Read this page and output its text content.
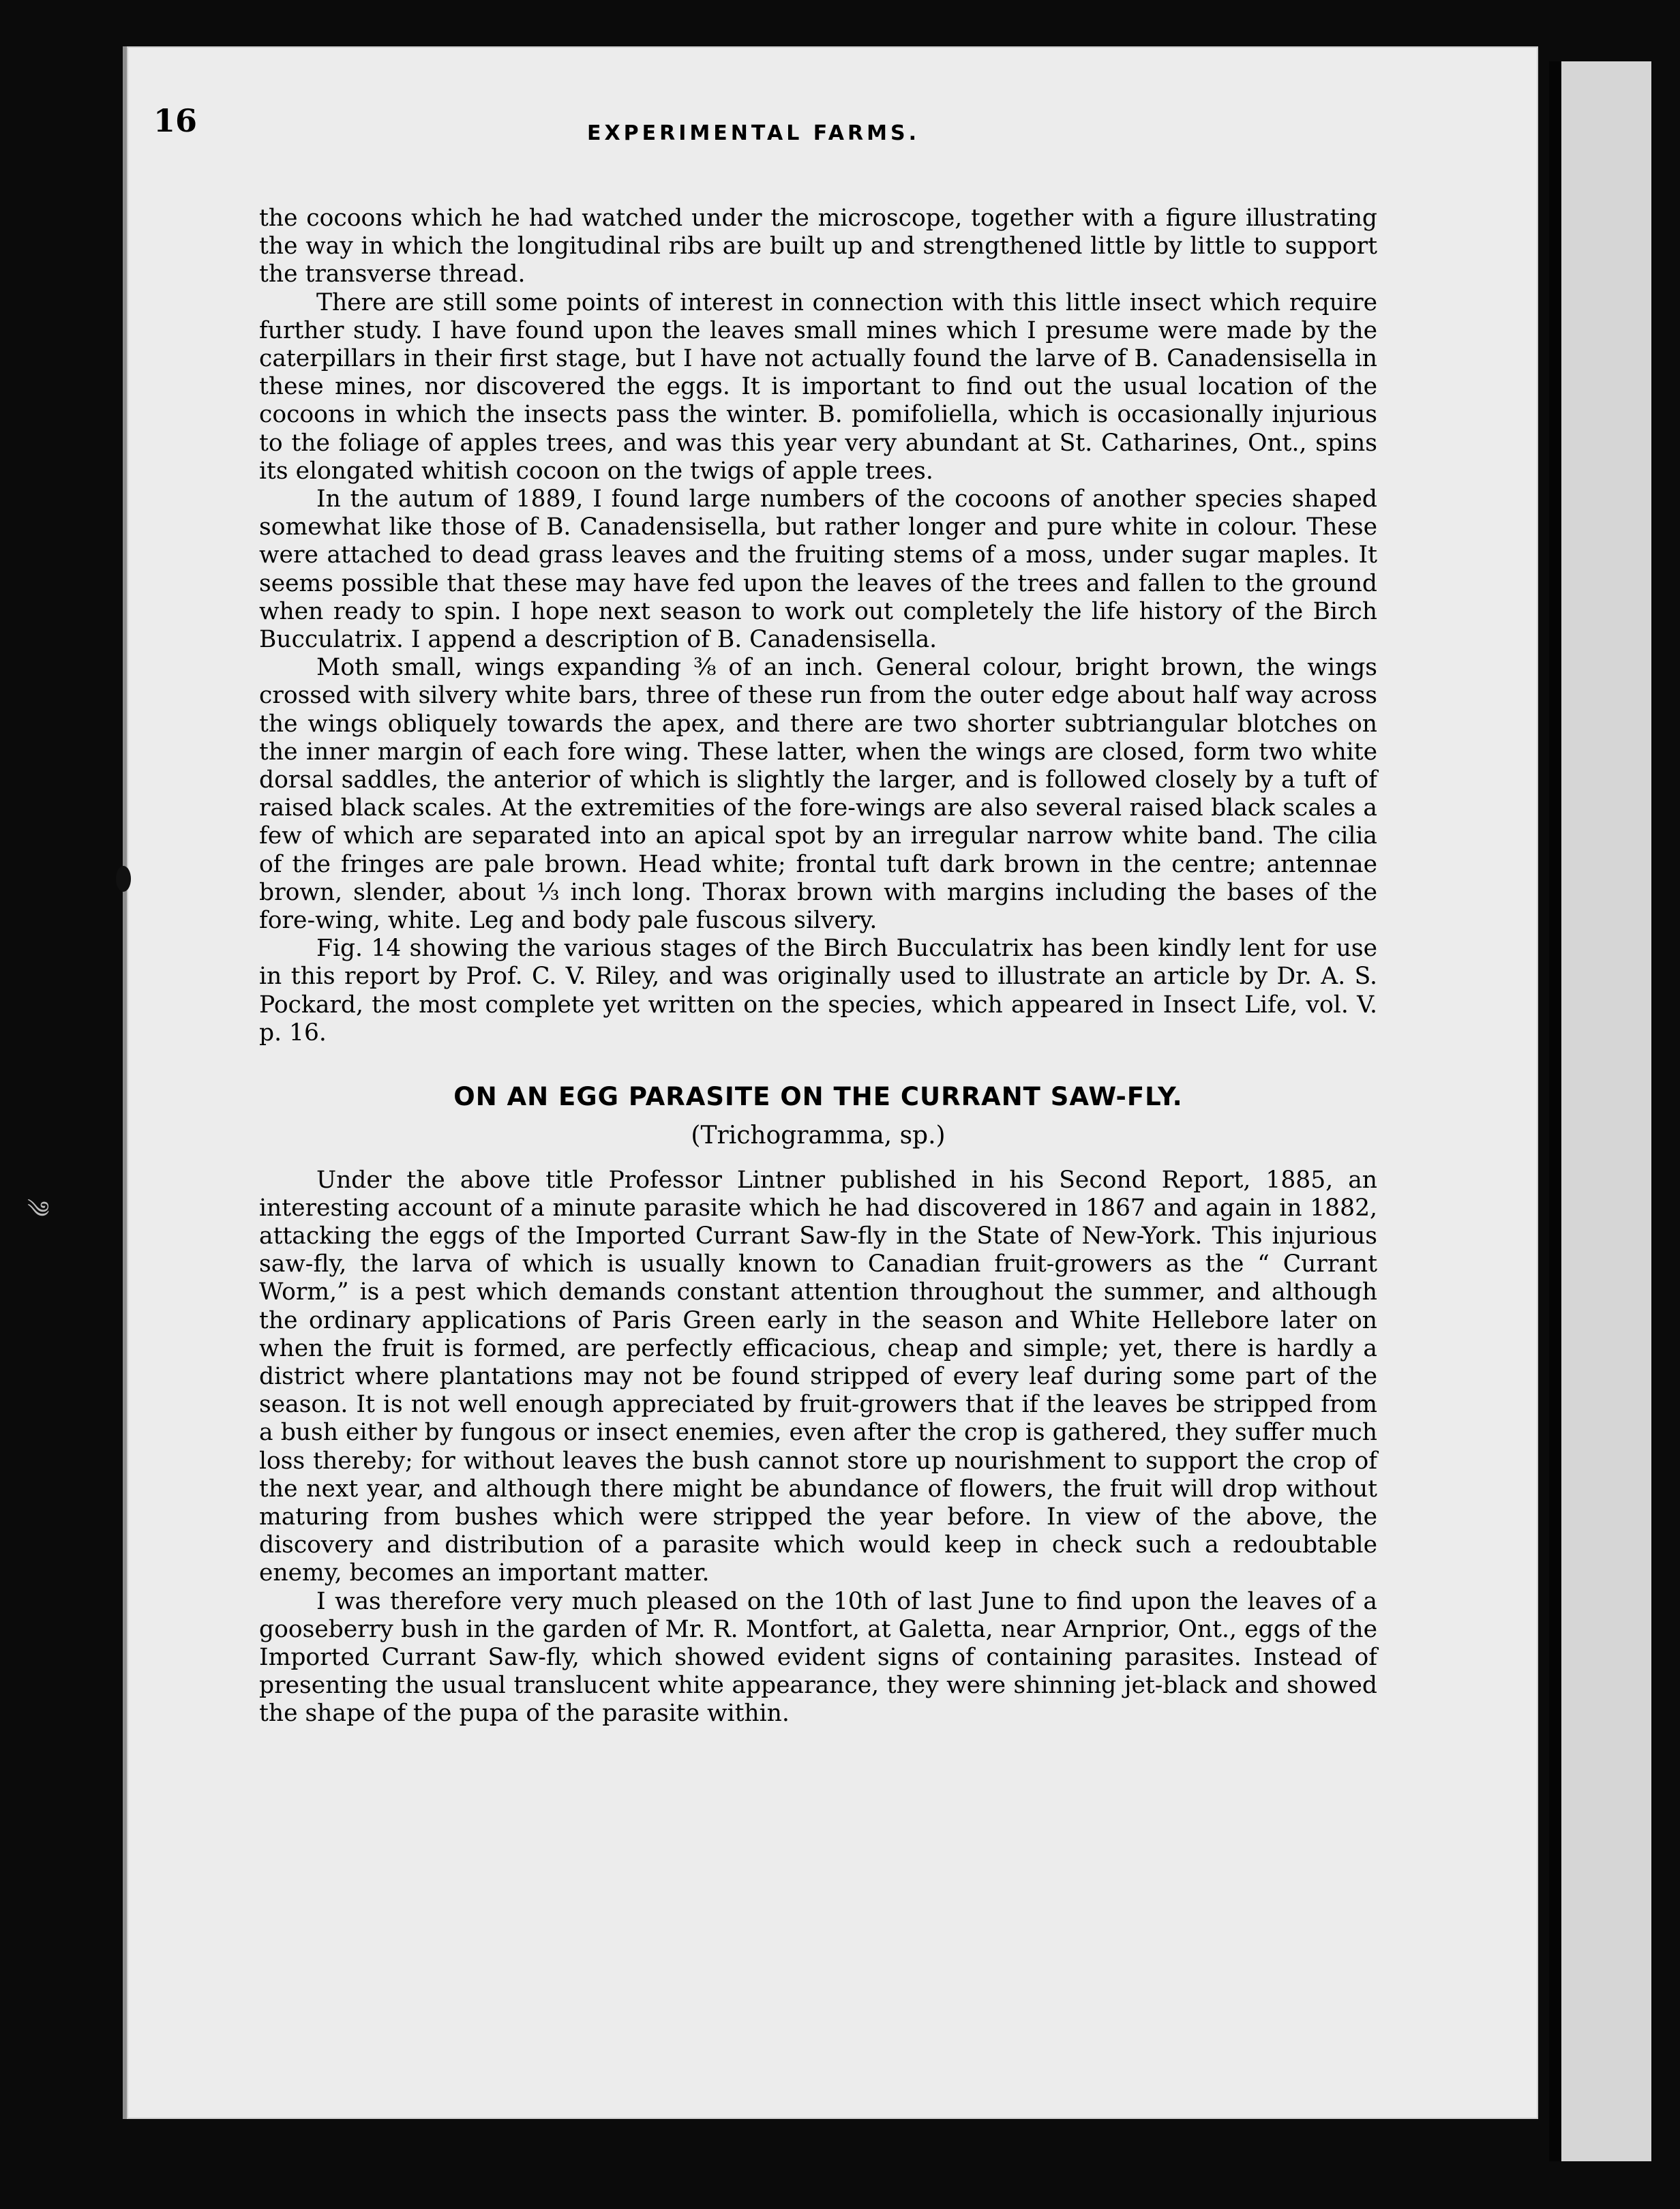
༄
16	EXPERIMENTAL FARMS.

the cocoons which he had watched under the microscope, together with a figure illustrating the way in which the longitudinal ribs are built up and strengthened little by little to support the transverse thread.

There are still some points of interest in connection with this little insect which require further study. I have found upon the leaves small mines which I presume were made by the caterpillars in their first stage, but I have not actually found the larve of B. Canadensisella in these mines, nor discovered the eggs. It is important to find out the usual location of the cocoons in which the insects pass the winter. B. pomifoliella, which is occasionally injurious to the foliage of apples trees, and was this year very abundant at St. Catharines, Ont., spins its elongated whitish cocoon on the twigs of apple trees.

In the autum of 1889, I found large numbers of the cocoons of another species shaped somewhat like those of B. Canadensisella, but rather longer and pure white in colour. These were attached to dead grass leaves and the fruiting stems of a moss, under sugar maples. It seems possible that these may have fed upon the leaves of the trees and fallen to the ground when ready to spin. I hope next season to work out completely the life history of the Birch Bucculatrix. I append a description of B. Canadensisella.

Moth small, wings expanding ⅜ of an inch. General colour, bright brown, the wings crossed with silvery white bars, three of these run from the outer edge about half way across the wings obliquely towards the apex, and there are two shorter subtriangular blotches on the inner margin of each fore wing. These latter, when the wings are closed, form two white dorsal saddles, the anterior of which is slightly the larger, and is followed closely by a tuft of raised black scales. At the extremities of the fore-wings are also several raised black scales a few of which are separated into an apical spot by an irregular narrow white band. The cilia of the fringes are pale brown. Head white; frontal tuft dark brown in the centre; antennae brown, slender, about ⅓ inch long. Thorax brown with margins including the bases of the fore-wing, white. Leg and body pale fuscous silvery.

Fig. 14 showing the various stages of the Birch Bucculatrix has been kindly lent for use in this report by Prof. C. V. Riley, and was originally used to illustrate an article by Dr. A. S. Pockard, the most complete yet written on the species, which appeared in Insect Life, vol. V. p. 16.

ON AN EGG PARASITE ON THE CURRANT SAW-FLY.
(Trichogramma, sp.)

Under the above title Professor Lintner published in his Second Report, 1885, an interesting account of a minute parasite which he had discovered in 1867 and again in 1882, attacking the eggs of the Imported Currant Saw-fly in the State of New-York. This injurious saw-fly, the larva of which is usually known to Canadian fruit-growers as the “ Currant Worm,” is a pest which demands constant attention throughout the summer, and although the ordinary applications of Paris Green early in the season and White Hellebore later on when the fruit is formed, are perfectly efficacious, cheap and simple; yet, there is hardly a district where plantations may not be found stripped of every leaf during some part of the season. It is not well enough appreciated by fruit-growers that if the leaves be stripped from a bush either by fungous or insect enemies, even after the crop is gathered, they suffer much loss thereby; for without leaves the bush cannot store up nourishment to support the crop of the next year, and although there might be abundance of flowers, the fruit will drop without maturing from bushes which were stripped the year before. In view of the above, the discovery and distribution of a parasite which would keep in check such a redoubtable enemy, becomes an important matter.

I was therefore very much pleased on the 10th of last June to find upon the leaves of a gooseberry bush in the garden of Mr. R. Montfort, at Galetta, near Arnprior, Ont., eggs of the Imported Currant Saw-fly, which showed evident signs of containing parasites. Instead of presenting the usual translucent white appearance, they were shinning jet-black and showed the shape of the pupa of the parasite within.
